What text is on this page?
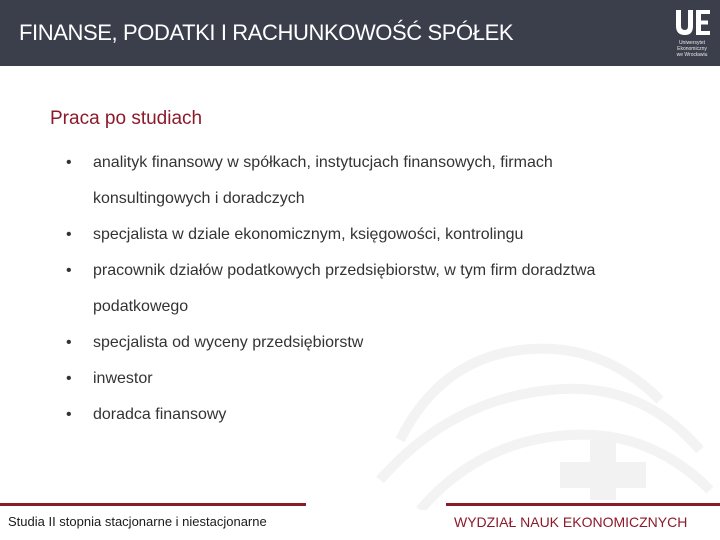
FINANSE, PODATKI I RACHUNKOWOŚĆ SPÓŁEK	Uniwersytet
Ekonomiczny
we Wrocławiu
Praca po studiach
• analityk finansowy w spółkach, instytucjach finansowych, firmach konsultingowych i doradczych
• specjalista w dziale ekonomicznym, księgowości, kontrolingu
• pracownik działów podatkowych przedsiębiorstw, w tym firm doradztwa podatkowego
• specjalista od wyceny przedsiębiorstw
• inwestor
• doradca finansowy
Studia II stopnia stacjonarne i niestacjonarne	WYDZIAŁ NAUK EKONOMICZNYCH
